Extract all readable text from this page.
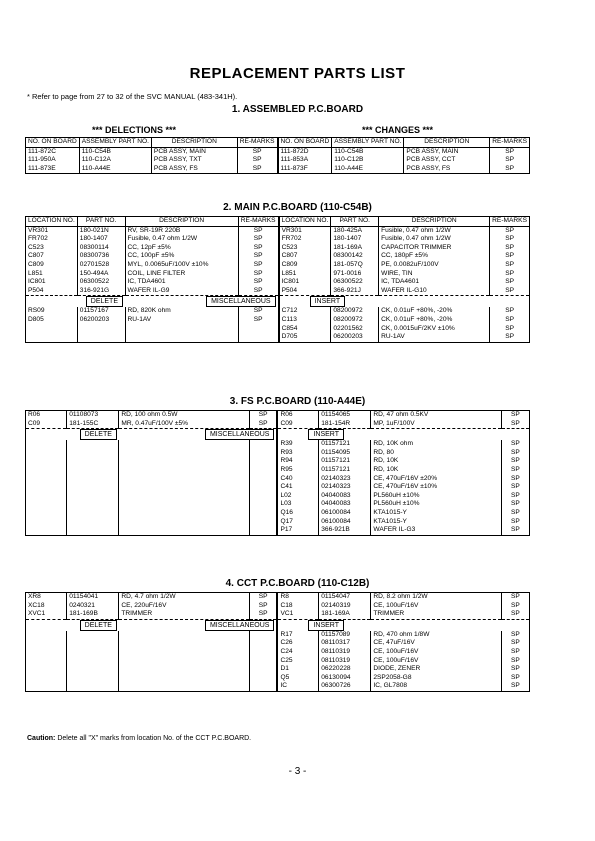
REPLACEMENT PARTS LIST
* Refer to page from 27 to 32 of the SVC MANUAL (483-341H).
1. ASSEMBLED P.C.BOARD
*** DELECTIONS ***	*** CHANGES ***
NO. ON BOARD	ASSEMBLY PART NO.	DESCRIPTION	RE-MARKS	NO. ON BOARD	ASSEMBLY PART NO.	DESCRIPTION	RE-MARKS
111-872C	110-C54B	PCB ASSY, MAIN	SP	111-872D	110-C54B	PCB ASSY, MAIN	SP
111-950A	110-C12A	PCB ASSY, TXT	SP	111-853A	110-C12B	PCB ASSY, CCT	SP
111-873E	110-A44E	PCB ASSY, FS	SP	111-873F	110-A44E	PCB ASSY, FS	SP
2. MAIN P.C.BOARD (110-C54B)
LOCATION NO.	PART NO.	DESCRIPTION	RE-MARKS	LOCATION NO.	PART NO.	DESCRIPTION	RE-MARKS
VR301	180-021N	RV, SR-19R 220B	SP	VR301	180-425A	Fusible, 0.47 ohm 1/2W	SP
FR702	180-1407	Fusible, 0.47 ohm 1/2W	SP	FR702	180-1407	Fusible, 0.47 ohm 1/2W	SP
C523	08300114	CC, 12pF ±5%	SP	C523	181-169A	CAPACITOR TRIMMER	SP
C807	08300736	CC, 100pF ±5%	SP	C807	08300142	CC, 180pF ±5%	SP
C809	02701528	MYL, 0.0065uF/100V ±10%	SP	C809	181-057Q	PE, 0.0082uF/100V	SP
L851	150-494A	COIL, LINE FILTER	SP	L851	971-0016	WIRE, TIN	SP
IC801	06300522	IC, TDA4601	SP	IC801	06300522	IC, TDA4601	SP
P504	316-921G	WAFER IL-G9	SP	P504	366-921J	WAFER IL-G10	SP
DELETE		MISCELLANEOUS		INSERT			
RS09	01157167	RD, 820K ohm	SP	C712	08200972	CK, 0.01uF +80%, -20%	SP
D805	06200203	RU-1AV	SP	C113	08200972	CK, 0.01uF +80%, -20%	SP
				C854	02201562	CK, 0.0015uF/2KV ±10%	SP
				D705	06200203	RU-1AV	SP
3. FS P.C.BOARD (110-A44E)
R06	01108073	RD, 100 ohm 0.5W	SP	R06	01154065	RD, 47 ohm 0.5KV	SP
C09	181-155C	MR, 0.47uF/100V ±5%	SP	C09	181-154R	MP, 1uF/100V	SP
DELETE		MISCELLANEOUS		INSERT			
				R39	01157121	RD, 10K ohm	SP
				R93	01154095	RD, 80	SP
				R94	01157121	RD, 10K	SP
				R95	01157121	RD, 10K	SP
				C40	02140323	CE, 470uF/16V ±20%	SP
				C41	02140323	CE, 470uF/16V ±10%	SP
				L02	04040083	PL560uH ±10%	SP
				L03	04040083	PL560uH ±10%	SP
				Q16	06100084	KTA1015-Y	SP
				Q17	06100084	KTA1015-Y	SP
				P17	366-921B	WAFER IL-G3	SP
4. CCT P.C.BOARD (110-C12B)
XR8	01154041	RD, 4.7 ohm 1/2W	SP	R8	01154047	RD, 8.2 ohm 1/2W	SP
XC18	0240321	CE, 220uF/16V	SP	C18	02140319	CE, 100uF/16V	SP
XVC1	181-169B	TRIMMER	SP	VC1	181-169A	TRIMMER	SP
DELETE		MISCELLANEOUS		INSERT			
				R17	01157089	RD, 470 ohm 1/8W	SP
				C26	08110317	CE, 47uF/16V	SP
				C24	08110319	CE, 100uF/16V	SP
				C25	08110319	CE, 100uF/16V	SP
				D1	06220228	DIODE, ZENER	SP
				Q5	06130094	2SP2058-G8	SP
				IC	06300726	IC, GL7808	SP
Caution: Delete all "X" marks from location No. of the CCT P.C.BOARD.
- 3 -
